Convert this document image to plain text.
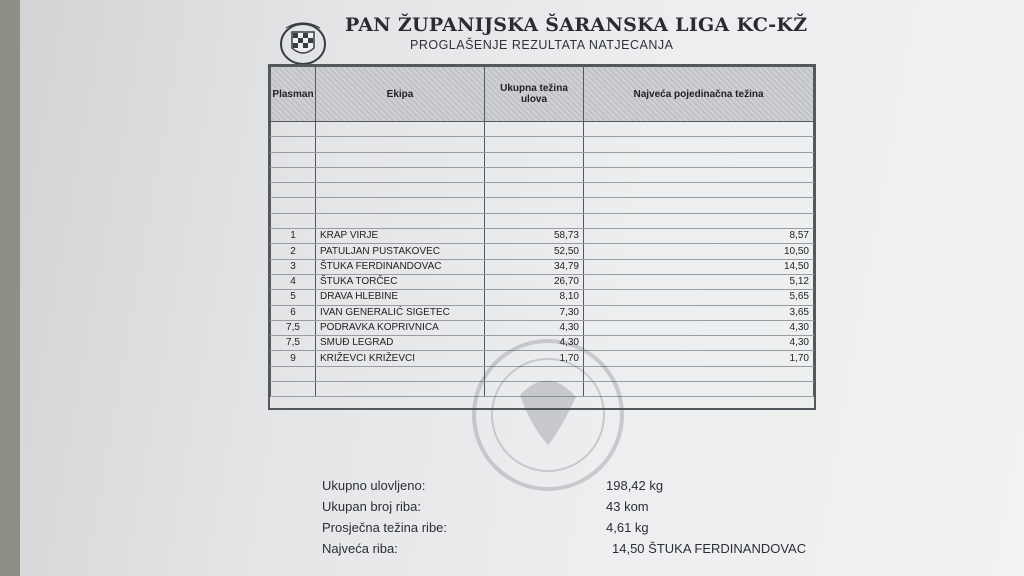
PAN ŽUPANIJSKA ŠARANSKA LIGA KC-KŽ
PROGLAŠENJE REZULTATA NATJECANJA
Plasman	Ekipa	Ukupna težina ulova	Najveća pojedinačna težina

1	KRAP VIRJE	58,73	8,57
2	PATULJAN PUSTAKOVEC	52,50	10,50
3	ŠTUKA FERDINANDOVAC	34,79	14,50
4	ŠTUKA TORČEC	26,70	5,12
5	DRAVA HLEBINE	8,10	5,65
6	IVAN GENERALIĆ SIGETEC	7,30	3,65
7,5	PODRAVKA KOPRIVNICA	4,30	4,30
7,5	SMUĐ LEGRAD	4,30	4,30
9	KRIŽEVCI KRIŽEVCI	1,70	1,70

Ukupno ulovljeno:	198,42 kg
Ukupan broj riba:	43 kom
Prosječna težina ribe:	4,61 kg
Najveća riba:	14,50 ŠTUKA FERDINANDOVAC
